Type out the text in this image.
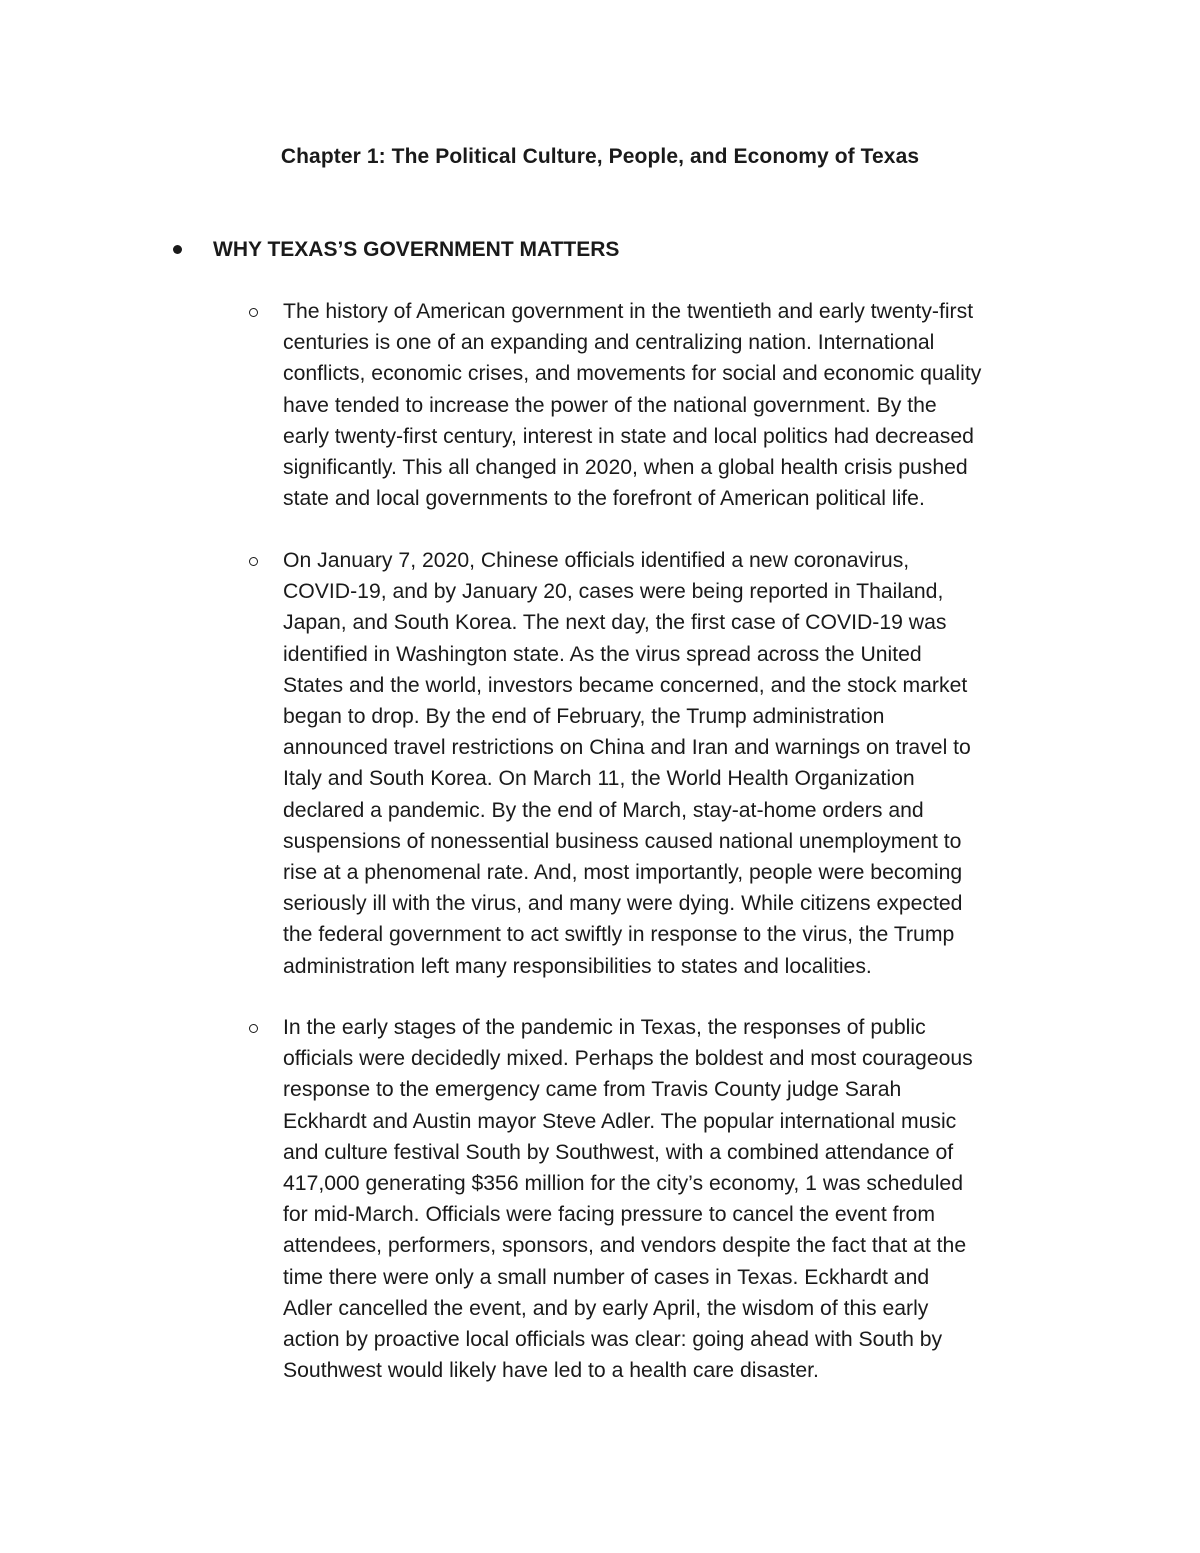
Chapter 1: The Political Culture, People, and Economy of Texas
WHY TEXAS’S GOVERNMENT MATTERS
The history of American government in the twentieth and early twenty-first
centuries is one of an expanding and centralizing nation. International
conflicts, economic crises, and movements for social and economic quality
have tended to increase the power of the national government. By the
early twenty-first century, interest in state and local politics had decreased
significantly. This all changed in 2020, when a global health crisis pushed
state and local governments to the forefront of American political life.
On January 7, 2020, Chinese officials identified a new coronavirus,
COVID-19, and by January 20, cases were being reported in Thailand,
Japan, and South Korea. The next day, the first case of COVID-19 was
identified in Washington state. As the virus spread across the United
States and the world, investors became concerned, and the stock market
began to drop. By the end of February, the Trump administration
announced travel restrictions on China and Iran and warnings on travel to
Italy and South Korea. On March 11, the World Health Organization
declared a pandemic. By the end of March, stay-at-home orders and
suspensions of nonessential business caused national unemployment to
rise at a phenomenal rate. And, most importantly, people were becoming
seriously ill with the virus, and many were dying. While citizens expected
the federal government to act swiftly in response to the virus, the Trump
administration left many responsibilities to states and localities.
In the early stages of the pandemic in Texas, the responses of public
officials were decidedly mixed. Perhaps the boldest and most courageous
response to the emergency came from Travis County judge Sarah
Eckhardt and Austin mayor Steve Adler. The popular international music
and culture festival South by Southwest, with a combined attendance of
417,000 generating $356 million for the city’s economy, 1 was scheduled
for mid-March. Officials were facing pressure to cancel the event from
attendees, performers, sponsors, and vendors despite the fact that at the
time there were only a small number of cases in Texas. Eckhardt and
Adler cancelled the event, and by early April, the wisdom of this early
action by proactive local officials was clear: going ahead with South by
Southwest would likely have led to a health care disaster.
